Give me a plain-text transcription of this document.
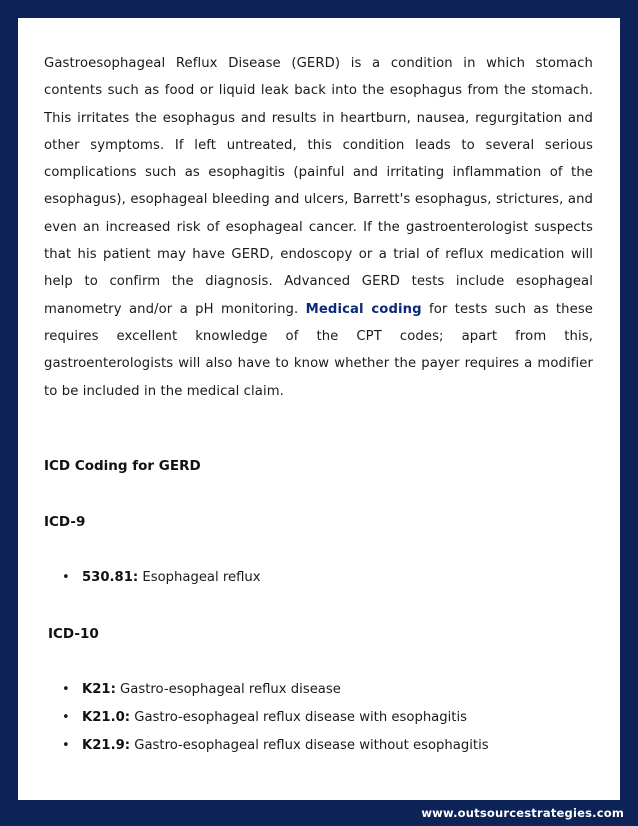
Gastroesophageal Reflux Disease (GERD) is a condition in which stomach contents such as food or liquid leak back into the esophagus from the stomach. This irritates the esophagus and results in heartburn, nausea, regurgitation and other symptoms. If left untreated, this condition leads to several serious complications such as esophagitis (painful and irritating inflammation of the esophagus), esophageal bleeding and ulcers, Barrett's esophagus, strictures, and even an increased risk of esophageal cancer. If the gastroenterologist suspects that his patient may have GERD, endoscopy or a trial of reflux medication will help to confirm the diagnosis. Advanced GERD tests include esophageal manometry and/or a pH monitoring. Medical coding for tests such as these requires excellent knowledge of the CPT codes; apart from this, gastroenterologists will also have to know whether the payer requires a modifier to be included in the medical claim.

ICD Coding for GERD
ICD-9
• 530.81: Esophageal reflux
ICD-10
• K21: Gastro-esophageal reflux disease
• K21.0: Gastro-esophageal reflux disease with esophagitis
• K21.9: Gastro-esophageal reflux disease without esophagitis
www.outsourcestrategies.com
